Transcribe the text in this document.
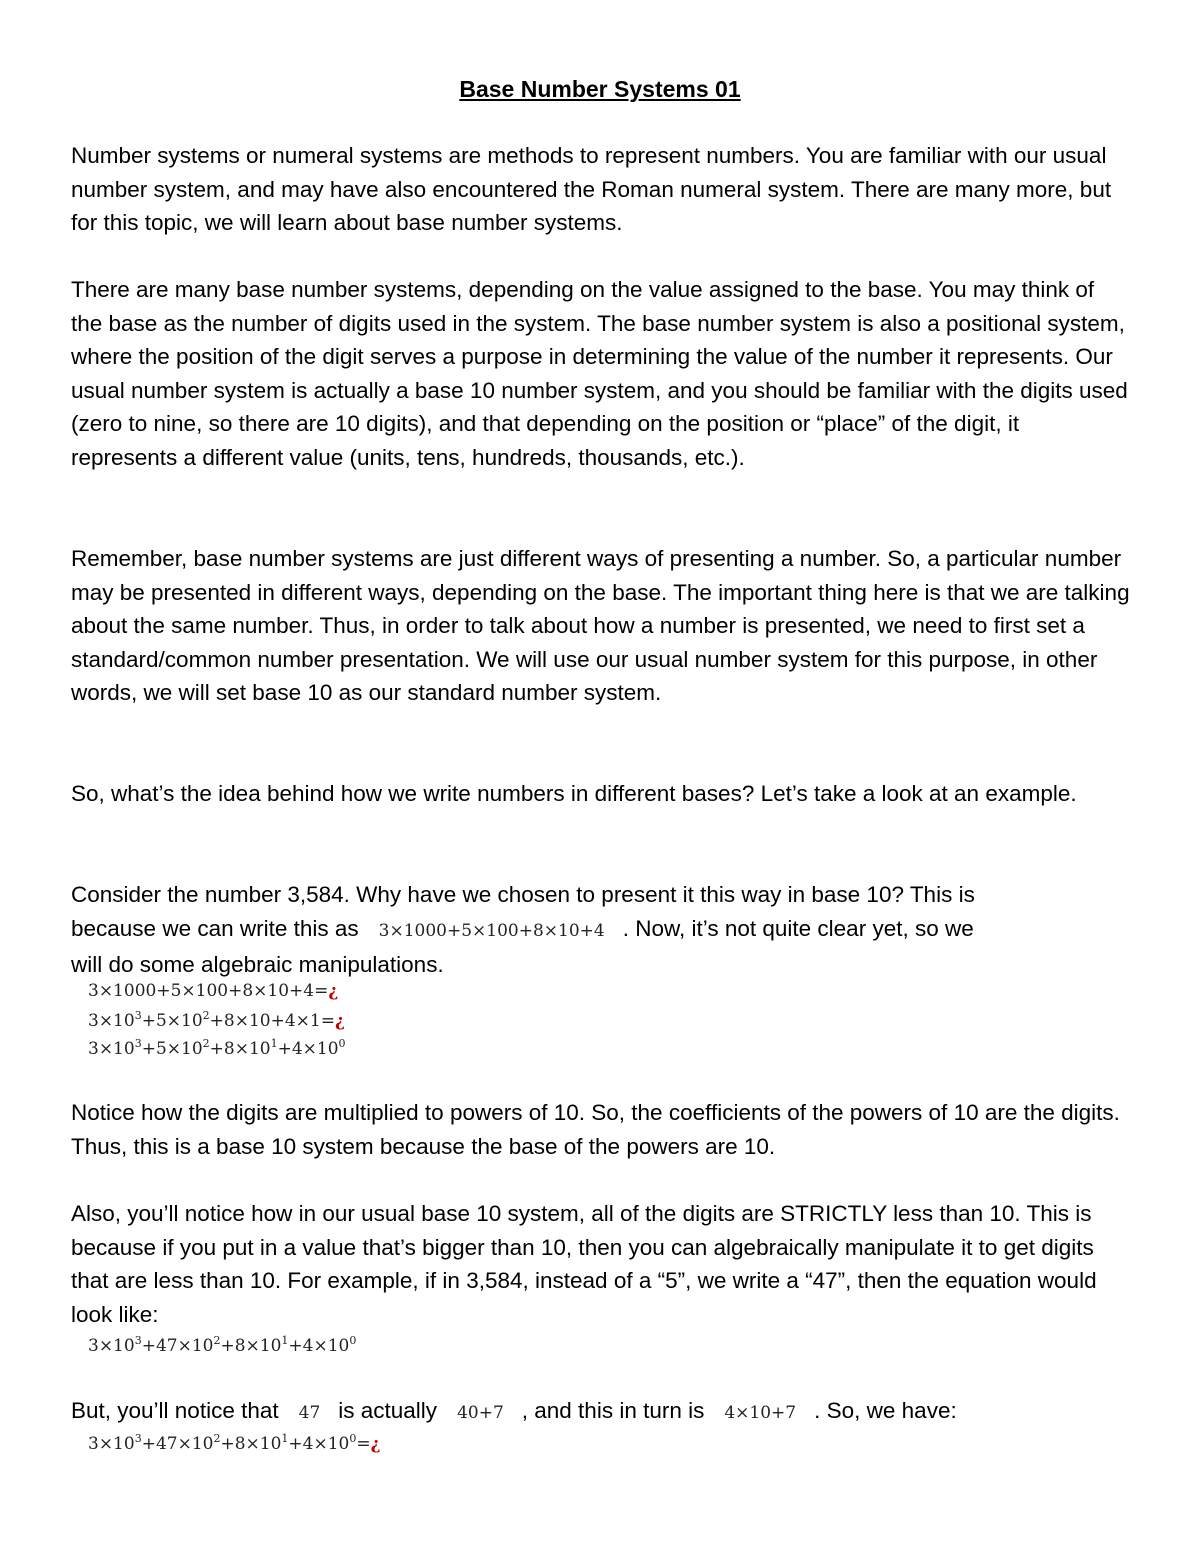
Base Number Systems 01
Number systems or numeral systems are methods to represent numbers. You are familiar with our usual number system, and may have also encountered the Roman numeral system. There are many more, but for this topic, we will learn about base number systems.
There are many base number systems, depending on the value assigned to the base. You may think of the base as the number of digits used in the system. The base number system is also a positional system, where the position of the digit serves a purpose in determining the value of the number it represents. Our usual number system is actually a base 10 number system, and you should be familiar with the digits used (zero to nine, so there are 10 digits), and that depending on the position or “place” of the digit, it represents a different value (units, tens, hundreds, thousands, etc.).
Remember, base number systems are just different ways of presenting a number. So, a particular number may be presented in different ways, depending on the base. The important thing here is that we are talking about the same number. Thus, in order to talk about how a number is presented, we need to first set a standard/common number presentation. We will use our usual number system for this purpose, in other words, we will set base 10 as our standard number system.
So, what’s the idea behind how we write numbers in different bases? Let’s take a look at an example.
Consider the number 3,584. Why have we chosen to present it this way in base 10? This is
because we can write this as 3×1000+5×100+8×10+4 . Now, it’s not quite clear yet, so we
will do some algebraic manipulations.
3×1000+5×100+8×10+4=¿
$3\times 10^3+5\times 10^2+8\times 10+4\times 1=¿$
$3\times 10^3+5\times 10^2+8\times 10^1+4\times 10^0$
Notice how the digits are multiplied to powers of 10. So, the coefficients of the powers of 10 are the digits. Thus, this is a base 10 system because the base of the powers are 10.
Also, you’ll notice how in our usual base 10 system, all of the digits are STRICTLY less than 10. This is because if you put in a value that’s bigger than 10, then you can algebraically manipulate it to get digits that are less than 10. For example, if in 3,584, instead of a “5”, we write a “47”, then the equation would look like:
$3\times 10^3+47\times 10^2+8\times 10^1+4\times 10^0$
But, you’ll notice that 47 is actually 40+7 , and this in turn is 4×10+7 . So, we have:
$3\times 10^3+47\times 10^2+8\times 10^1+4\times 10^0=¿$
